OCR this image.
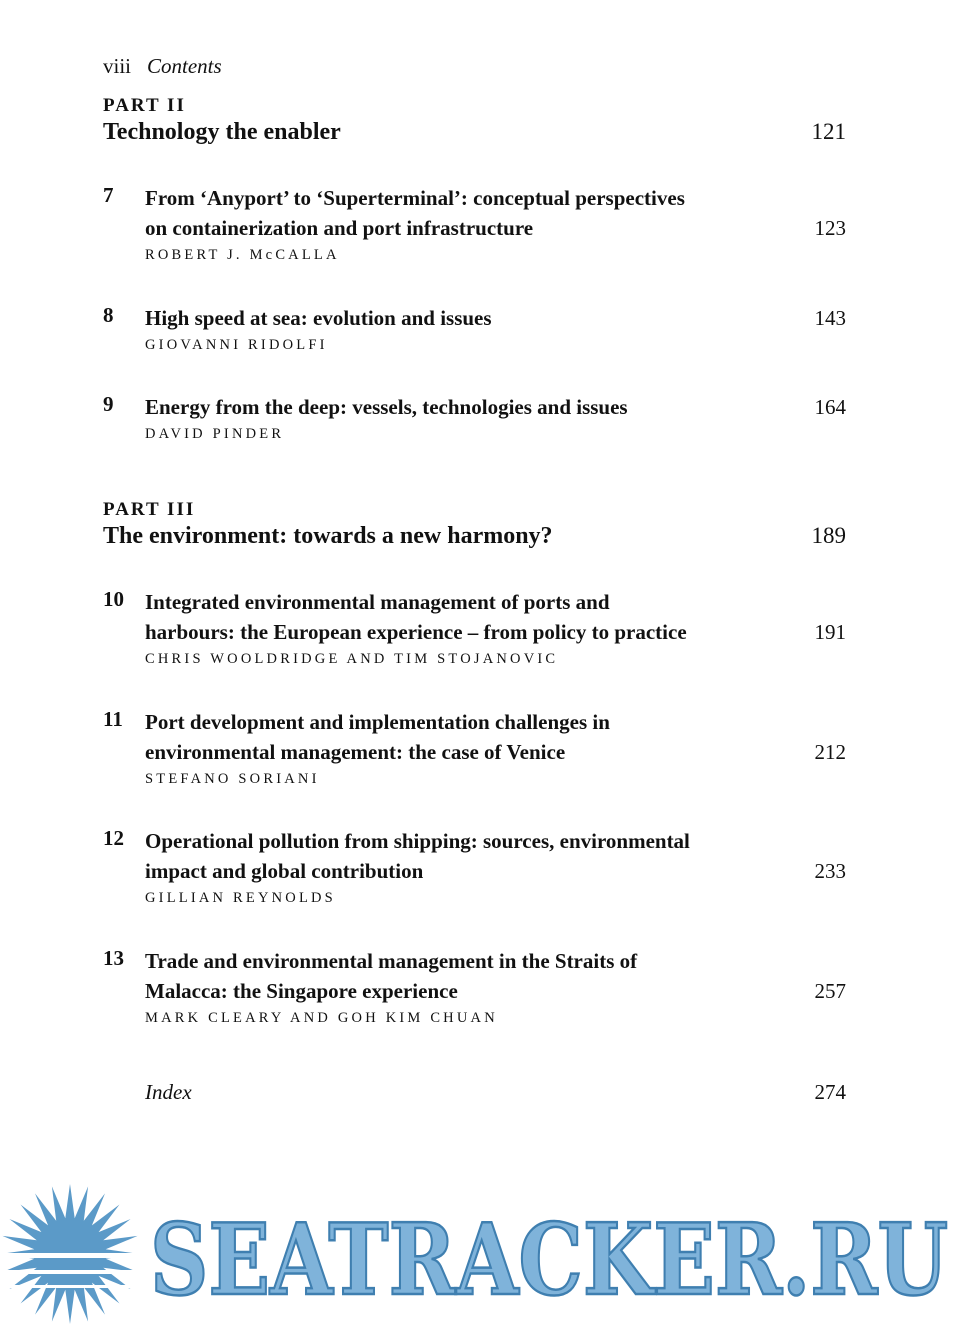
viii Contents
PART II
Technology the enabler	121
7 From ‘Anyport’ to ‘Superterminal’: conceptual perspectives
on containerization and port infrastructure	123
ROBERT J. McCALLA
8 High speed at sea: evolution and issues	143
GIOVANNI RIDOLFI
9 Energy from the deep: vessels, technologies and issues	164
DAVID PINDER
PART III
The environment: towards a new harmony?	189
10 Integrated environmental management of ports and
harbours: the European experience – from policy to practice	191
CHRIS WOOLDRIDGE AND TIM STOJANOVIC
11 Port development and implementation challenges in
environmental management: the case of Venice	212
STEFANO SORIANI
12 Operational pollution from shipping: sources, environmental
impact and global contribution	233
GILLIAN REYNOLDS
13 Trade and environmental management in the Straits of
Malacca: the Singapore experience	257
MARK CLEARY AND GOH KIM CHUAN
Index	274
SEATRACKER.RU
